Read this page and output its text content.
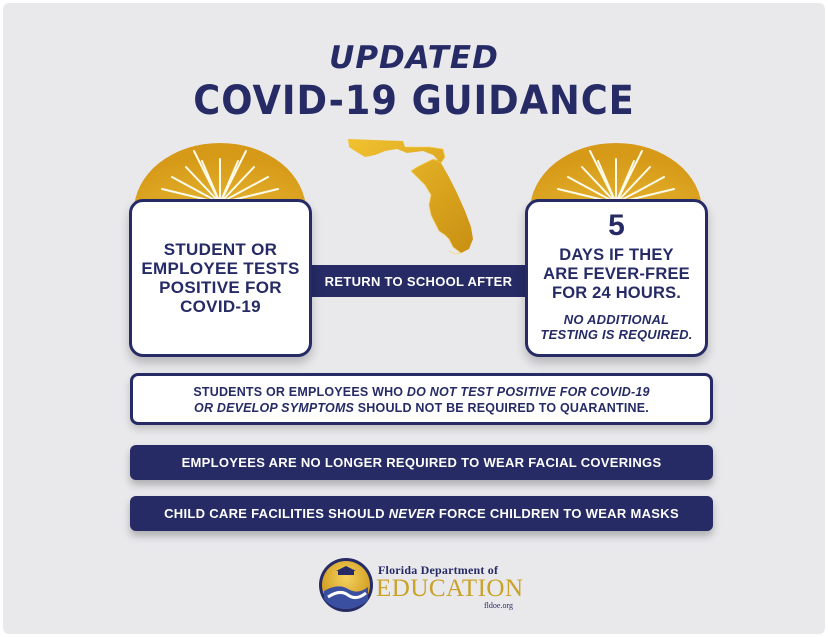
UPDATED
COVID-19 GUIDANCE
RETURN TO SCHOOL AFTER
STUDENT OR
EMPLOYEE TESTS
POSITIVE FOR
COVID-19
5
DAYS IF THEY
ARE FEVER-FREE
FOR 24 HOURS.
NO ADDITIONAL
TESTING IS REQUIRED.
STUDENTS OR EMPLOYEES WHO DO NOT TEST POSITIVE FOR COVID-19
OR DEVELOP SYMPTOMS SHOULD NOT BE REQUIRED TO QUARANTINE.
EMPLOYEES ARE NO LONGER REQUIRED TO WEAR FACIAL COVERINGS
CHILD CARE FACILITIES SHOULD NEVER FORCE CHILDREN TO WEAR MASKS
Florida Department of
EDUCATION
fldoe.org
